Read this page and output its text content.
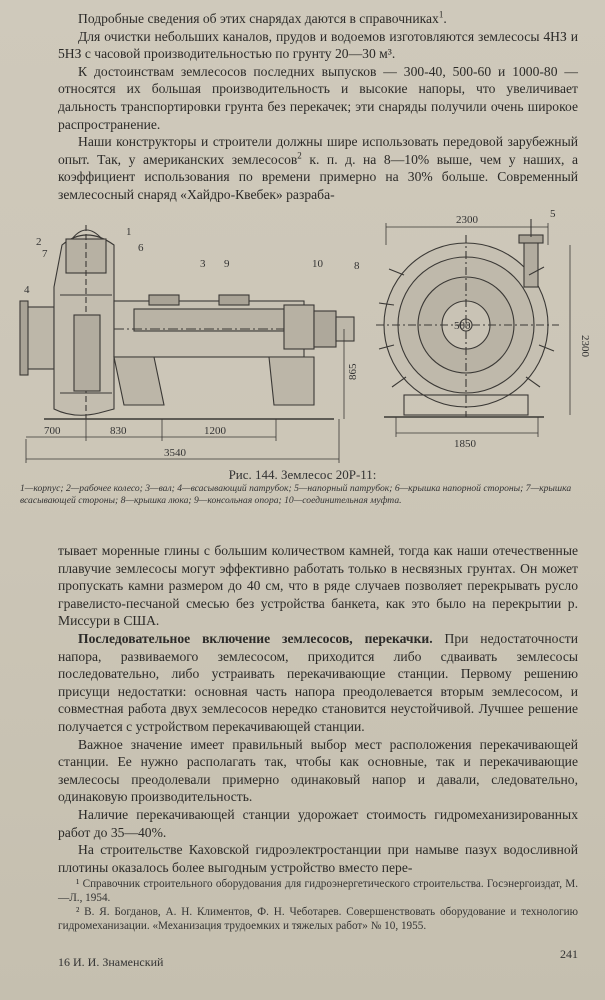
Подробные сведения об этих снарядах даются в справочниках$^1$.

Для очистки небольших каналов, прудов и водоемов изготовляются землесосы 4НЗ и 5НЗ с часовой производительностью по грунту 20—30 м³.

К достоинствам землесосов последних выпусков — 300-40, 500-60 и 1000-80 — относятся их большая производительность и высокие напоры, что увеличивает дальность транспортировки грунта без перекачек; эти снаряды получили очень широкое распространение.

Наши конструкторы и строители должны шире использовать передовой зарубежный опыт. Так, у американских землесосов$^2$ к. п. д. на 8—10% выше, чем у наших, а коэффициент использования по времени примерно на 30% больше. Современный землесосный снаряд «Хайдро-Квебек» разраба-

700	830	1200
3540
865
2300
2300
1850
500
1
2
3
4
5
6
7
8
9	10
Рис. 144. Землесос 20Р-11:
1—корпус; 2—рабочее колесо; 3—вал; 4—всасывающий патрубок; 5—напорный патрубок; 6—крышка напорной стороны; 7—крышка всасывающей стороны; 8—крышка люка; 9—консольная опора; 10—соединительная муфта.

тывает моренные глины с большим количеством камней, тогда как наши отечественные плавучие землесосы могут эффективно работать только в несвязных грунтах. Он может пропускать камни размером до 40 см, что в ряде случаев позволяет перекрывать русло гравелисто-песчаной смесью без устройства банкета, как это было на перекрытии р. Миссури в США.

Последовательное включение землесосов, перекачки. При недостаточности напора, развиваемого землесосом, приходится либо сдваивать землесосы последовательно, либо устраивать перекачивающие станции. Первому решению присущи недостатки: основная часть напора преодолевается вторым землесосом, и совместная работа двух землесосов нередко становится неустойчивой. Лучшее решение получается с устройством перекачивающей станции.

Важное значение имеет правильный выбор мест расположения перекачивающей станции. Ее нужно располагать так, чтобы как основные, так и перекачивающие землесосы преодолевали примерно одинаковый напор и давали, следовательно, одинаковую производительность.

Наличие перекачивающей станции удорожает стоимость гидромеханизированных работ до 35—40%.

На строительстве Каховской гидроэлектростанции при намыве пазух водосливной плотины оказалось более выгодным устройство вместо пере-

¹ Справочник строительного оборудования для гидроэнергетического строительства. Госэнергоиздат, М.—Л., 1954.

² В. Я. Богданов, А. Н. Климентов, Ф. Н. Чеботарев. Совершенствовать оборудование и технологию гидромеханизации. «Механизация трудоемких и тяжелых работ» № 10, 1955.

16 И. И. Знаменский
241
